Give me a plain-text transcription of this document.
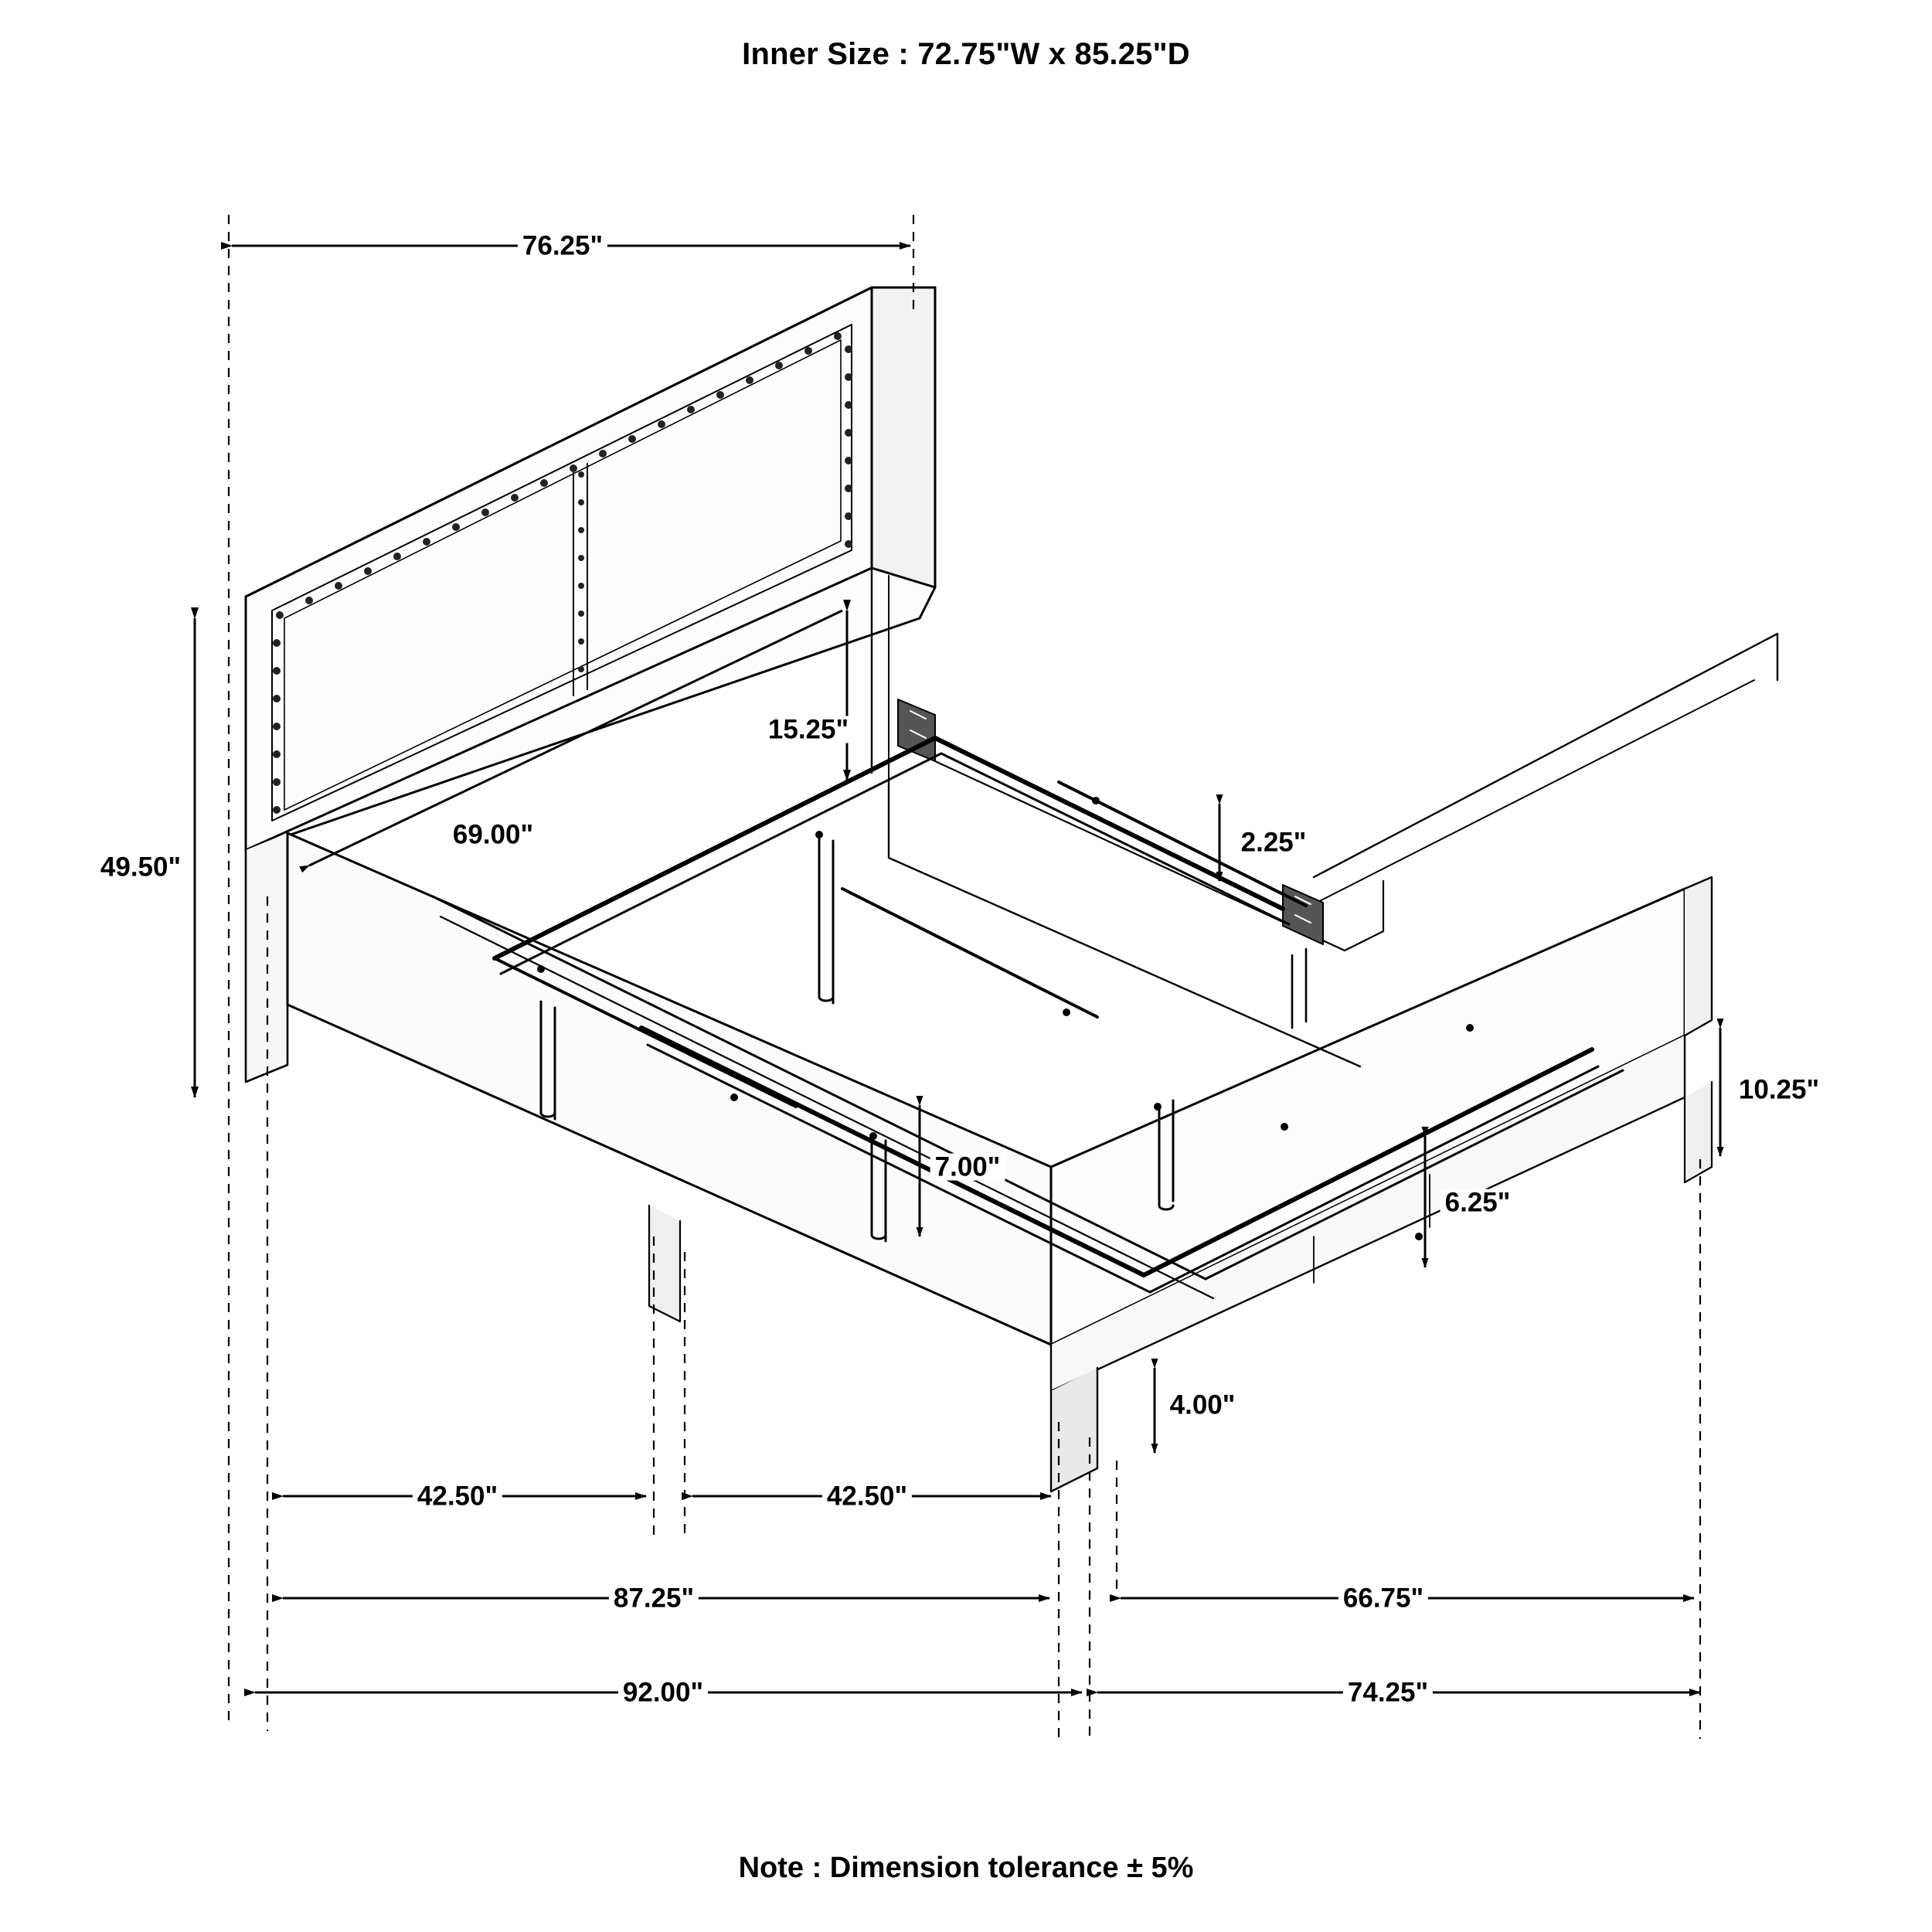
Inner Size : 72.75"W x 85.25"D
76.25"
15.25"
69.00"
49.50"
2.25"
10.25"
7.00"
6.25"
4.00"
42.50"	42.50"
87.25"	66.75"
92.00"	74.25"
Note : Dimension tolerance ± 5%
